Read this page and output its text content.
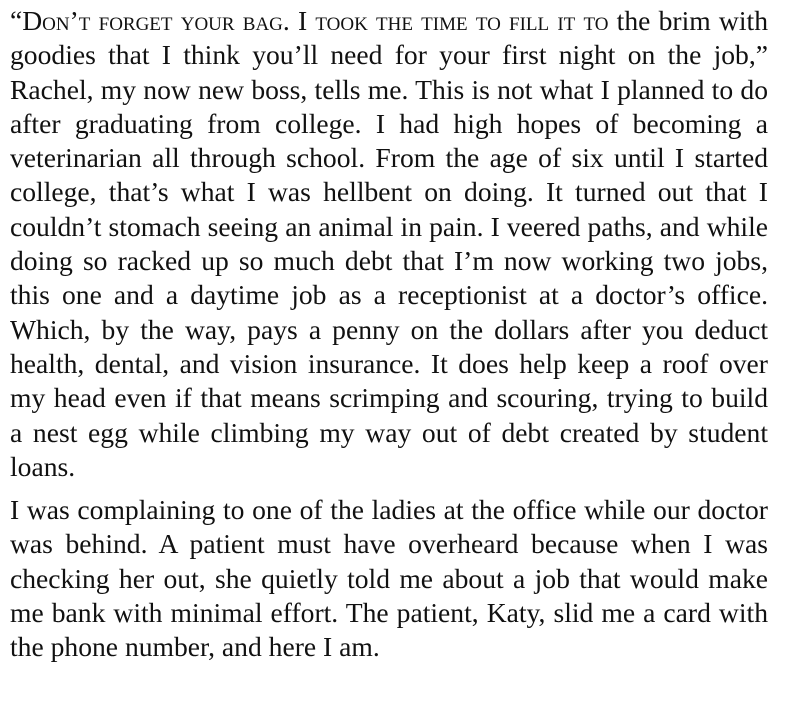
“Don’t forget your bag. I took the time to fill it to the brim with goodies that I think you’ll need for your first night on the job,” Rachel, my now new boss, tells me. This is not what I planned to do after graduating from college. I had high hopes of becoming a veterinarian all through school. From the age of six until I started college, that’s what I was hellbent on doing. It turned out that I couldn’t stomach seeing an animal in pain. I veered paths, and while doing so racked up so much debt that I’m now working two jobs, this one and a daytime job as a receptionist at a doctor’s office. Which, by the way, pays a penny on the dollars after you deduct health, dental, and vision insurance. It does help keep a roof over my head even if that means scrimping and scouring, trying to build a nest egg while climbing my way out of debt created by student loans.

I was complaining to one of the ladies at the office while our doctor was behind. A patient must have overheard because when I was checking her out, she quietly told me about a job that would make me bank with minimal effort. The patient, Katy, slid me a card with the phone number, and here I am.
